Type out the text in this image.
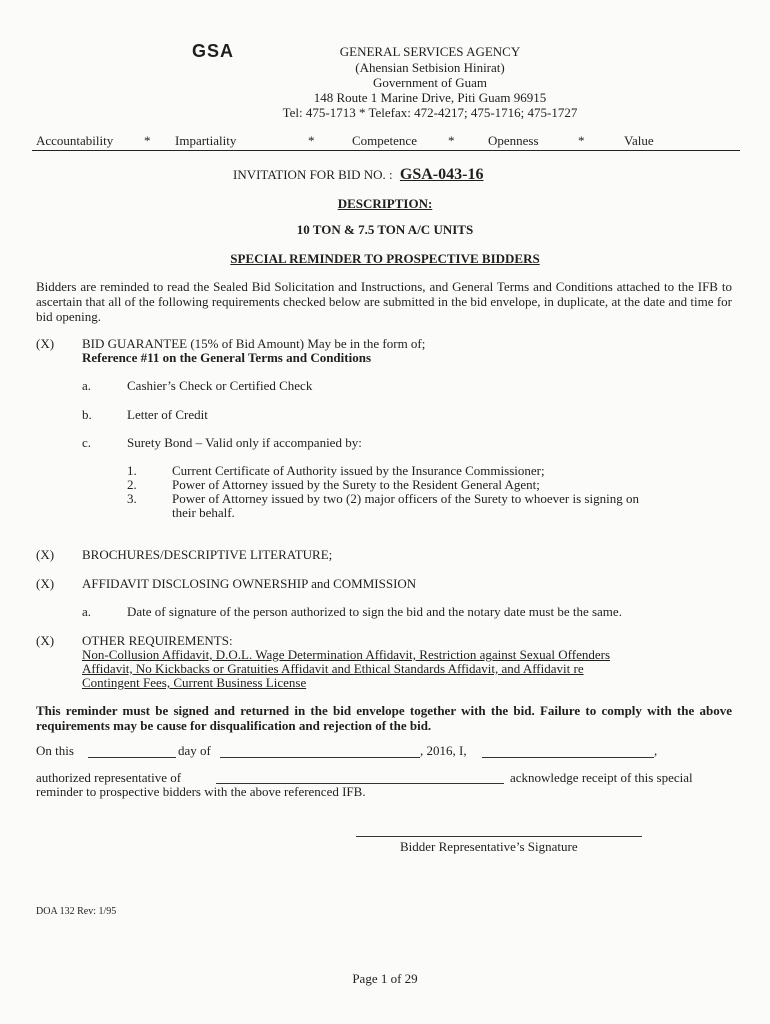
GSA	GENERAL SERVICES AGENCY
(Ahensian Setbision Hinirat)
Government of Guam
148 Route 1 Marine Drive, Piti Guam 96915
Tel: 475-1713 * Telefax: 472-4217; 475-1716; 475-1727
Accountability * Impartiality	*	Competence *	Openness	*	Value
INVITATION FOR BID NO. : GSA-043-16
DESCRIPTION:
10 TON & 7.5 TON A/C UNITS
SPECIAL REMINDER TO PROSPECTIVE BIDDERS
Bidders are reminded to read the Sealed Bid Solicitation and Instructions, and General Terms and Conditions attached to the IFB to ascertain that all of the following requirements checked below are submitted in the bid envelope, in duplicate, at the date and time for bid opening.
(X) BID GUARANTEE (15% of Bid Amount) May be in the form of;
Reference #11 on the General Terms and Conditions
a.	Cashier’s Check or Certified Check
b.	Letter of Credit
c.	Surety Bond – Valid only if accompanied by:
1.	Current Certificate of Authority issued by the Insurance Commissioner;
2.	Power of Attorney issued by the Surety to the Resident General Agent;
3.	Power of Attorney issued by two (2) major officers of the Surety to whoever is signing on
their behalf.
(X) BROCHURES/DESCRIPTIVE LITERATURE;
(X) AFFIDAVIT DISCLOSING OWNERSHIP and COMMISSION
a.	Date of signature of the person authorized to sign the bid and the notary date must be the same.
(X) OTHER REQUIREMENTS:
Non-Collusion Affidavit, D.O.L. Wage Determination Affidavit, Restriction against Sexual Offenders
Affidavit, No Kickbacks or Gratuities Affidavit and Ethical Standards Affidavit, and Affidavit re
Contingent Fees, Current Business License
This reminder must be signed and returned in the bid envelope together with the bid. Failure to comply with the above requirements may be cause for disqualification and rejection of the bid.
On this	day of	, 2016, I,	,
authorized representative of	acknowledge receipt of this special
reminder to prospective bidders with the above referenced IFB.
Bidder Representative’s Signature
DOA 132 Rev: 1/95
Page 1 of 29
